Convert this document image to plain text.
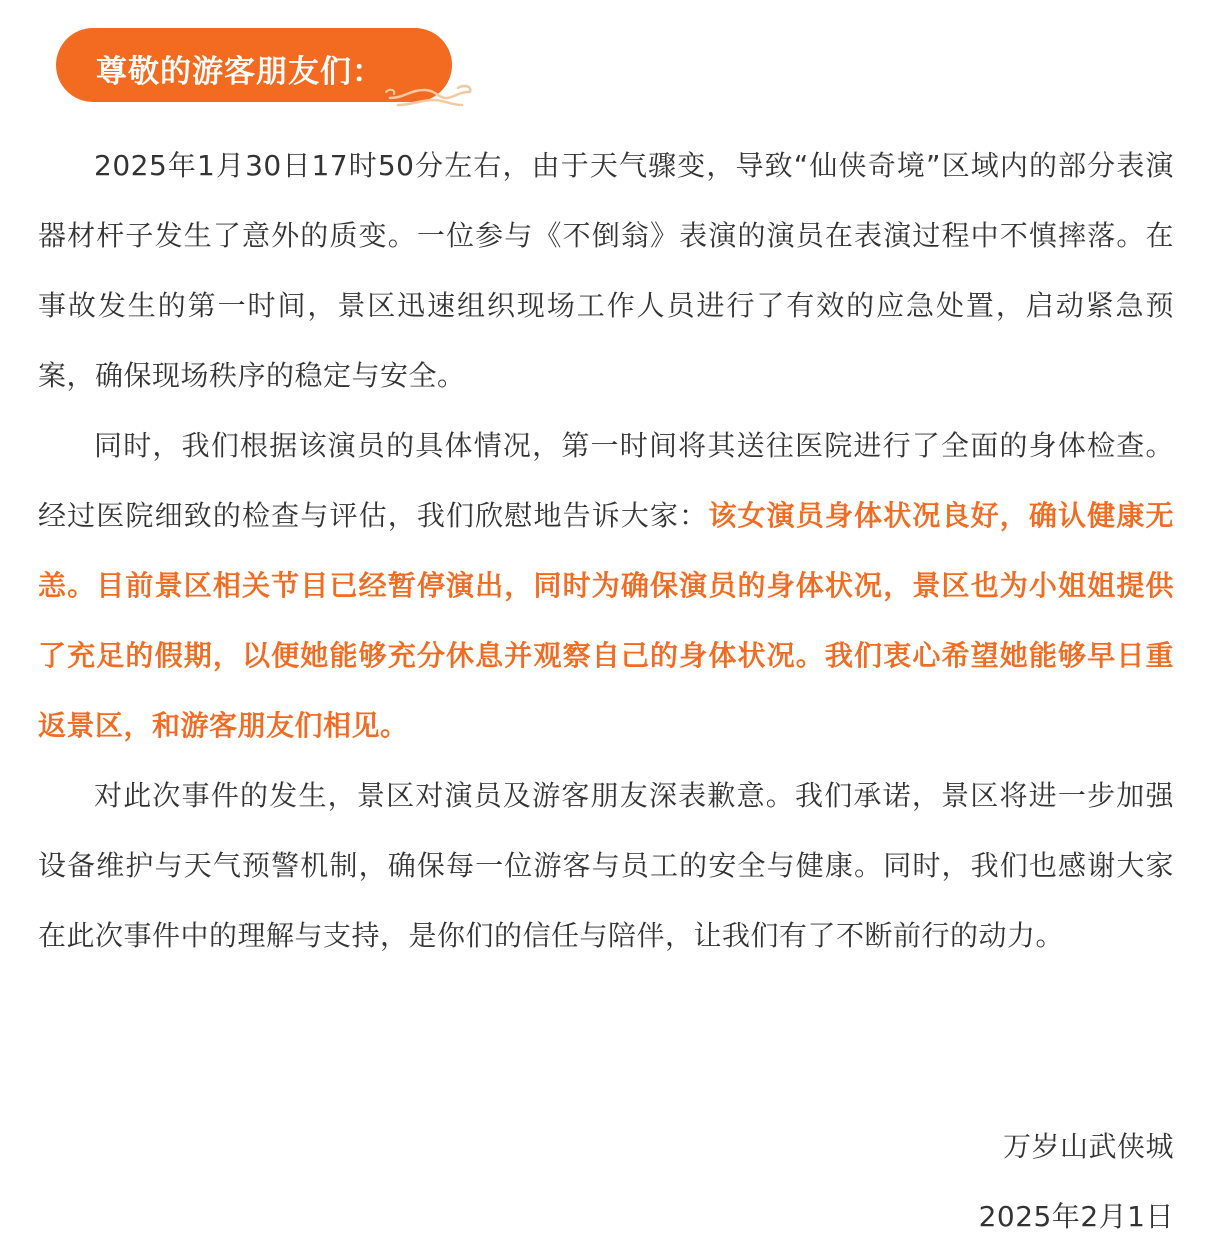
尊敬的游客朋友们：

2025年1月30日17时50分左右，由于天气骤变，导致“仙侠奇境”区域内的部分表演器材杆子发生了意外的质变。一位参与《不倒翁》表演的演员在表演过程中不慎摔落。在事故发生的第一时间，景区迅速组织现场工作人员进行了有效的应急处置，启动紧急预案，确保现场秩序的稳定与安全。

同时，我们根据该演员的具体情况，第一时间将其送往医院进行了全面的身体检查。经过医院细致的检查与评估，我们欣慰地告诉大家：该女演员身体状况良好，确认健康无恙。目前景区相关节目已经暂停演出，同时为确保演员的身体状况，景区也为小姐姐提供了充足的假期，以便她能够充分休息并观察自己的身体状况。我们衷心希望她能够早日重返景区，和游客朋友们相见。

对此次事件的发生，景区对演员及游客朋友深表歉意。我们承诺，景区将进一步加强设备维护与天气预警机制，确保每一位游客与员工的安全与健康。同时，我们也感谢大家在此次事件中的理解与支持，是你们的信任与陪伴，让我们有了不断前行的动力。

万岁山武侠城
2025年2月1日
